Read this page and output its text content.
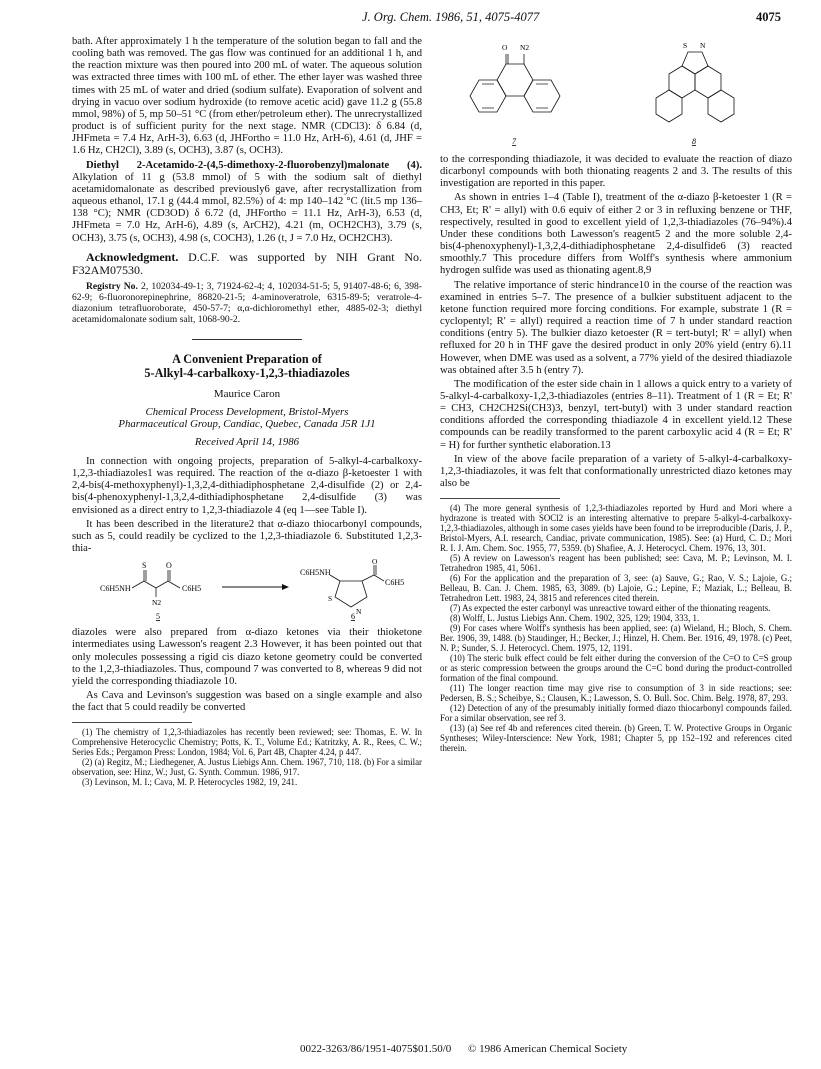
J. Org. Chem. 1986, 51, 4075-4077	4075

bath. After approximately 1 h the temperature of the solution began to fall and the cooling bath was removed. The gas flow was continued for an additional 1 h, and the reaction mixture was then poured into 200 mL of water. The aqueous solution was extracted three times with 100 mL of ether. The ether layer was washed three times with 25 mL of water and dried (sodium sulfate). Evaporation of solvent and drying in vacuo over sodium hydroxide (to remove acetic acid) gave 11.2 g (55.8 mmol, 98%) of 5, mp 50–51 °C (from ether/petroleum ether). The unrecrystallized product is of sufficient purity for the next stage. NMR (CDCl3): δ 6.84 (d, JHFmeta = 7.4 Hz, ArH-3), 6.63 (d, JHFortho = 11.0 Hz, ArH-6), 4.61 (d, JHF = 1.6 Hz, CH2Cl), 3.89 (s, OCH3), 3.87 (s, OCH3).

Diethyl 2-Acetamido-2-(4,5-dimethoxy-2-fluorobenzyl)malonate (4). Alkylation of 11 g (53.8 mmol) of 5 with the sodium salt of diethyl acetamidomalonate as described previously6 gave, after recrystallization from aqueous ethanol, 17.1 g (44.4 mmol, 82.5%) of 4: mp 140–142 °C (lit.5 mp 136–138 °C); NMR (CD3OD) δ 6.72 (d, JHFortho = 11.1 Hz, ArH-3), 6.53 (d, JHFmeta = 7.0 Hz, ArH-6), 4.89 (s, ArCH2), 4.21 (m, OCH2CH3), 3.79 (s, OCH3), 3.75 (s, OCH3), 4.98 (s, COCH3), 1.26 (t, J = 7.0 Hz, OCH2CH3).

Acknowledgment. D.C.F. was supported by NIH Grant No. F32AM07530.

Registry No. 2, 102034-49-1; 3, 71924-62-4; 4, 102034-51-5; 5, 91407-48-6; 6, 398-62-9; 6-fluoronorepinephrine, 86820-21-5; 4-aminoveratrole, 6315-89-5; veratrole-4-diazonium tetrafluoroborate, 450-57-7; α,α-dichloromethyl ether, 4885-02-3; diethyl acetamidomalonate sodium salt, 1068-90-2.

A Convenient Preparation of
5-Alkyl-4-carbalkoxy-1,2,3-thiadiazoles

Maurice Caron

Chemical Process Development, Bristol-Myers
Pharmaceutical Group, Candiac, Quebec, Canada J5R 1J1

Received April 14, 1986

In connection with ongoing projects, preparation of 5-alkyl-4-carbalkoxy-1,2,3-thiadiazoles1 was required. The reaction of the α-diazo β-ketoester 1 with 2,4-bis(4-methoxyphenyl)-1,3,2,4-dithiadiphosphetane 2,4-disulfide (2) or 2,4-bis(4-phenoxyphenyl-1,3,2,4-dithiadiphosphetane 2,4-disulfide (3) was envisioned as a direct entry to 1,2,3-thiadiazole 4 (eq 1—see Table I).

It has been described in the literature2 that α-diazo thiocarbonyl compounds, such as 5, could readily be cyclized to the 1,2,3-thiadiazole 6. Substituted 1,2,3-thia-

C6H5NH
S O
N2
C6H5
5
C6H5NH
O
C6H5
S
N
6

diazoles were also prepared from α-diazo ketones via their thioketone intermediates using Lawesson's reagent 2.3 However, it has been pointed out that only molecules possessing a rigid cis diazo ketone geometry could be converted to the 1,2,3-thiadiazoles. Thus, compound 7 was converted to 8, whereas 9 did not yield the corresponding thiadiazole 10.

As Cava and Levinson's suggestion was based on a single example and also the fact that 5 could readily be converted

(1) The chemistry of 1,2,3-thiadiazoles has recently been reviewed; see: Thomas, E. W. In Comprehensive Heterocyclic Chemistry; Potts, K. T., Volume Ed.; Katritzky, A. R., Rees, C. W.; Series Eds.; Pergamon Press: London, 1984; Vol. 6, Part 4B, Chapter 4.24, p 447.

(2) (a) Regitz, M.; Liedhegener, A. Justus Liebigs Ann. Chem. 1967, 710, 118. (b) For a similar observation, see: Hinz, W.; Just, G. Synth. Commun. 1986, 917.

(3) Levinson, M. I.; Cava, M. P. Heterocycles 1982, 19, 241.

O N2
7
S N
8

to the corresponding thiadiazole, it was decided to evaluate the reaction of diazo dicarbonyl compounds with both thionating reagents 2 and 3. The results of this investigation are reported in this paper.

As shown in entries 1–4 (Table I), treatment of the α-diazo β-ketoester 1 (R = CH3, Et; R' = allyl) with 0.6 equiv of either 2 or 3 in refluxing benzene or THF, respectively, resulted in good to excellent yield of 1,2,3-thiadiazoles (76–94%).4 Under these conditions both Lawesson's reagent5 2 and the more soluble 2,4-bis(4-phenoxyphenyl)-1,3,2,4-dithiadiphosphetane 2,4-disulfide6 (3) reacted smoothly.7 This procedure differs from Wolff's synthesis where ammonium hydrogen sulfide was used as thionating agent.8,9

The relative importance of steric hindrance10 in the course of the reaction was examined in entries 5–7. The presence of a bulkier substituent adjacent to the ketone function required more forcing conditions. For example, substrate 1 (R = cyclopentyl; R' = allyl) required a reaction time of 7 h under standard reaction conditions (entry 5). The bulkier diazo ketoester (R = tert-butyl; R' = allyl) when refluxed for 20 h in THF gave the desired product in only 20% yield (entry 6).11 However, when DME was used as a solvent, a 77% yield of the desired thiadiazole was obtained after 3.5 h (entry 7).

The modification of the ester side chain in 1 allows a quick entry to a variety of 5-alkyl-4-carbalkoxy-1,2,3-thiadiazoles (entries 8–11). Treatment of 1 (R = Et; R' = CH3, CH2CH2Si(CH3)3, benzyl, tert-butyl) with 3 under standard reaction conditions afforded the corresponding thiadiazole 4 in excellent yield.12 These compounds can be readily transformed to the parent carboxylic acid 4 (R = Et; R' = H) for further synthetic elaboration.13

In view of the above facile preparation of a variety of 5-alkyl-4-carbalkoxy-1,2,3-thiadiazoles, it was felt that conformationally unrestricted diazo ketones may also be

(4) The more general synthesis of 1,2,3-thiadiazoles reported by Hurd and Mori where a hydrazone is treated with SOCl2 is an interesting alternative to prepare 5-alkyl-4-carbalkoxy-1,2,3-thiadiazoles, although in some cases yields have been found to be irreproducible (Daris, J. P., Bristol-Myers, A.I. research, Candiac, private communication, 1985). See: (a) Hurd, C. D.; Mori R. I. J. Am. Chem. Soc. 1955, 77, 5359. (b) Shafiee, A. J. Heterocycl. Chem. 1976, 13, 301.

(5) A review on Lawesson's reagent has been published; see: Cava, M. P.; Levinson, M. I. Tetrahedron 1985, 41, 5061.

(6) For the application and the preparation of 3, see: (a) Sauve, G.; Rao, V. S.; Lajoie, G.; Belleau, B. Can. J. Chem. 1985, 63, 3089. (b) Lajoie, G.; Lepine, F.; Maziak, L.; Belleau, B. Tetrahedron Lett. 1983, 24, 3815 and references cited therein.

(7) As expected the ester carbonyl was unreactive toward either of the thionating reagents.

(8) Wolff, L. Justus Liebigs Ann. Chem. 1902, 325, 129; 1904, 333, 1.

(9) For cases where Wolff's synthesis has been applied, see: (a) Wieland, H.; Bloch, S. Chem. Ber. 1906, 39, 1488. (b) Staudinger, H.; Becker, J.; Hinzel, H. Chem. Ber. 1916, 49, 1978. (c) Peet, N. P.; Sunder, S. J. Heterocycl. Chem. 1975, 12, 1191.

(10) The steric bulk effect could be felt either during the conversion of the C=O to C=S group or as steric compression between the groups around the C=C bond during the product-controlled formation of the final compound.

(11) The longer reaction time may give rise to consumption of 3 in side reactions; see: Pedersen, B. S.; Scheibye, S.; Clausen, K.; Lawesson, S. O. Bull. Soc. Chim. Belg. 1978, 87, 293.

(12) Detection of any of the presumably initially formed diazo thiocarbonyl compounds failed. For a similar observation, see ref 3.

(13) (a) See ref 4b and references cited therein. (b) Green, T. W. Protective Groups in Organic Syntheses; Wiley-Interscience: New York, 1981; Chapter 5, pp 152–192 and references cited therein.

0022-3263/86/1951-4075$01.50/0 © 1986 American Chemical Society
